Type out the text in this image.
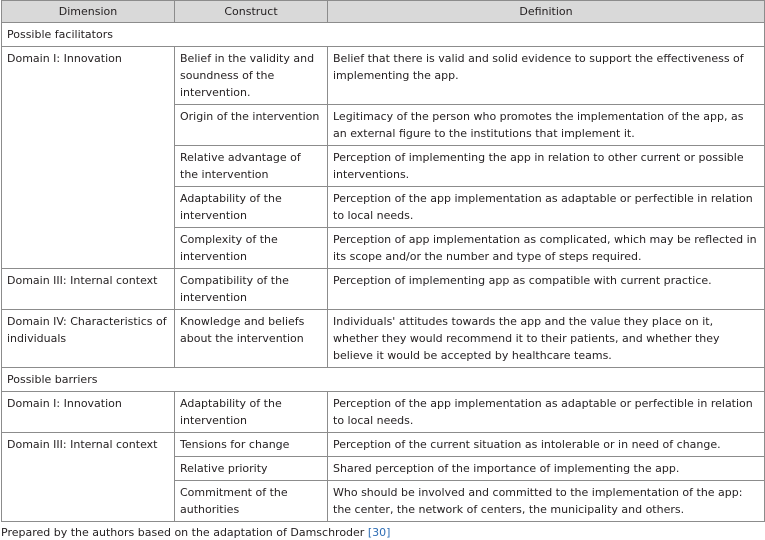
Dimension	Construct	Definition
Possible facilitators		
Domain I: Innovation	Belief in the validity and soundness of the intervention.	Belief that there is valid and solid evidence to support the effectiveness of implementing the app.
	Origin of the intervention	Legitimacy of the person who promotes the implementation of the app, as an external figure to the institutions that implement it.
	Relative advantage of the intervention	Perception of implementing the app in relation to other current or possible interventions.
	Adaptability of the intervention	Perception of the app implementation as adaptable or perfectible in relation to local needs.
	Complexity of the intervention	Perception of app implementation as complicated, which may be reflected in its scope and/or the number and type of steps required.
Domain III: Internal context	Compatibility of the intervention	Perception of implementing app as compatible with current practice.
Domain IV: Characteristics of individuals	Knowledge and beliefs about the intervention	Individuals' attitudes towards the app and the value they place on it, whether they would recommend it to their patients, and whether they believe it would be accepted by healthcare teams.
Possible barriers		
Domain I: Innovation	Adaptability of the intervention	Perception of the app implementation as adaptable or perfectible in relation to local needs.
Domain III: Internal context	Tensions for change	Perception of the current situation as intolerable or in need of change.
	Relative priority	Shared perception of the importance of implementing the app.
	Commitment of the authorities	Who should be involved and committed to the implementation of the app: the center, the network of centers, the municipality and others.
Prepared by the authors based on the adaptation of Damschroder [30]
